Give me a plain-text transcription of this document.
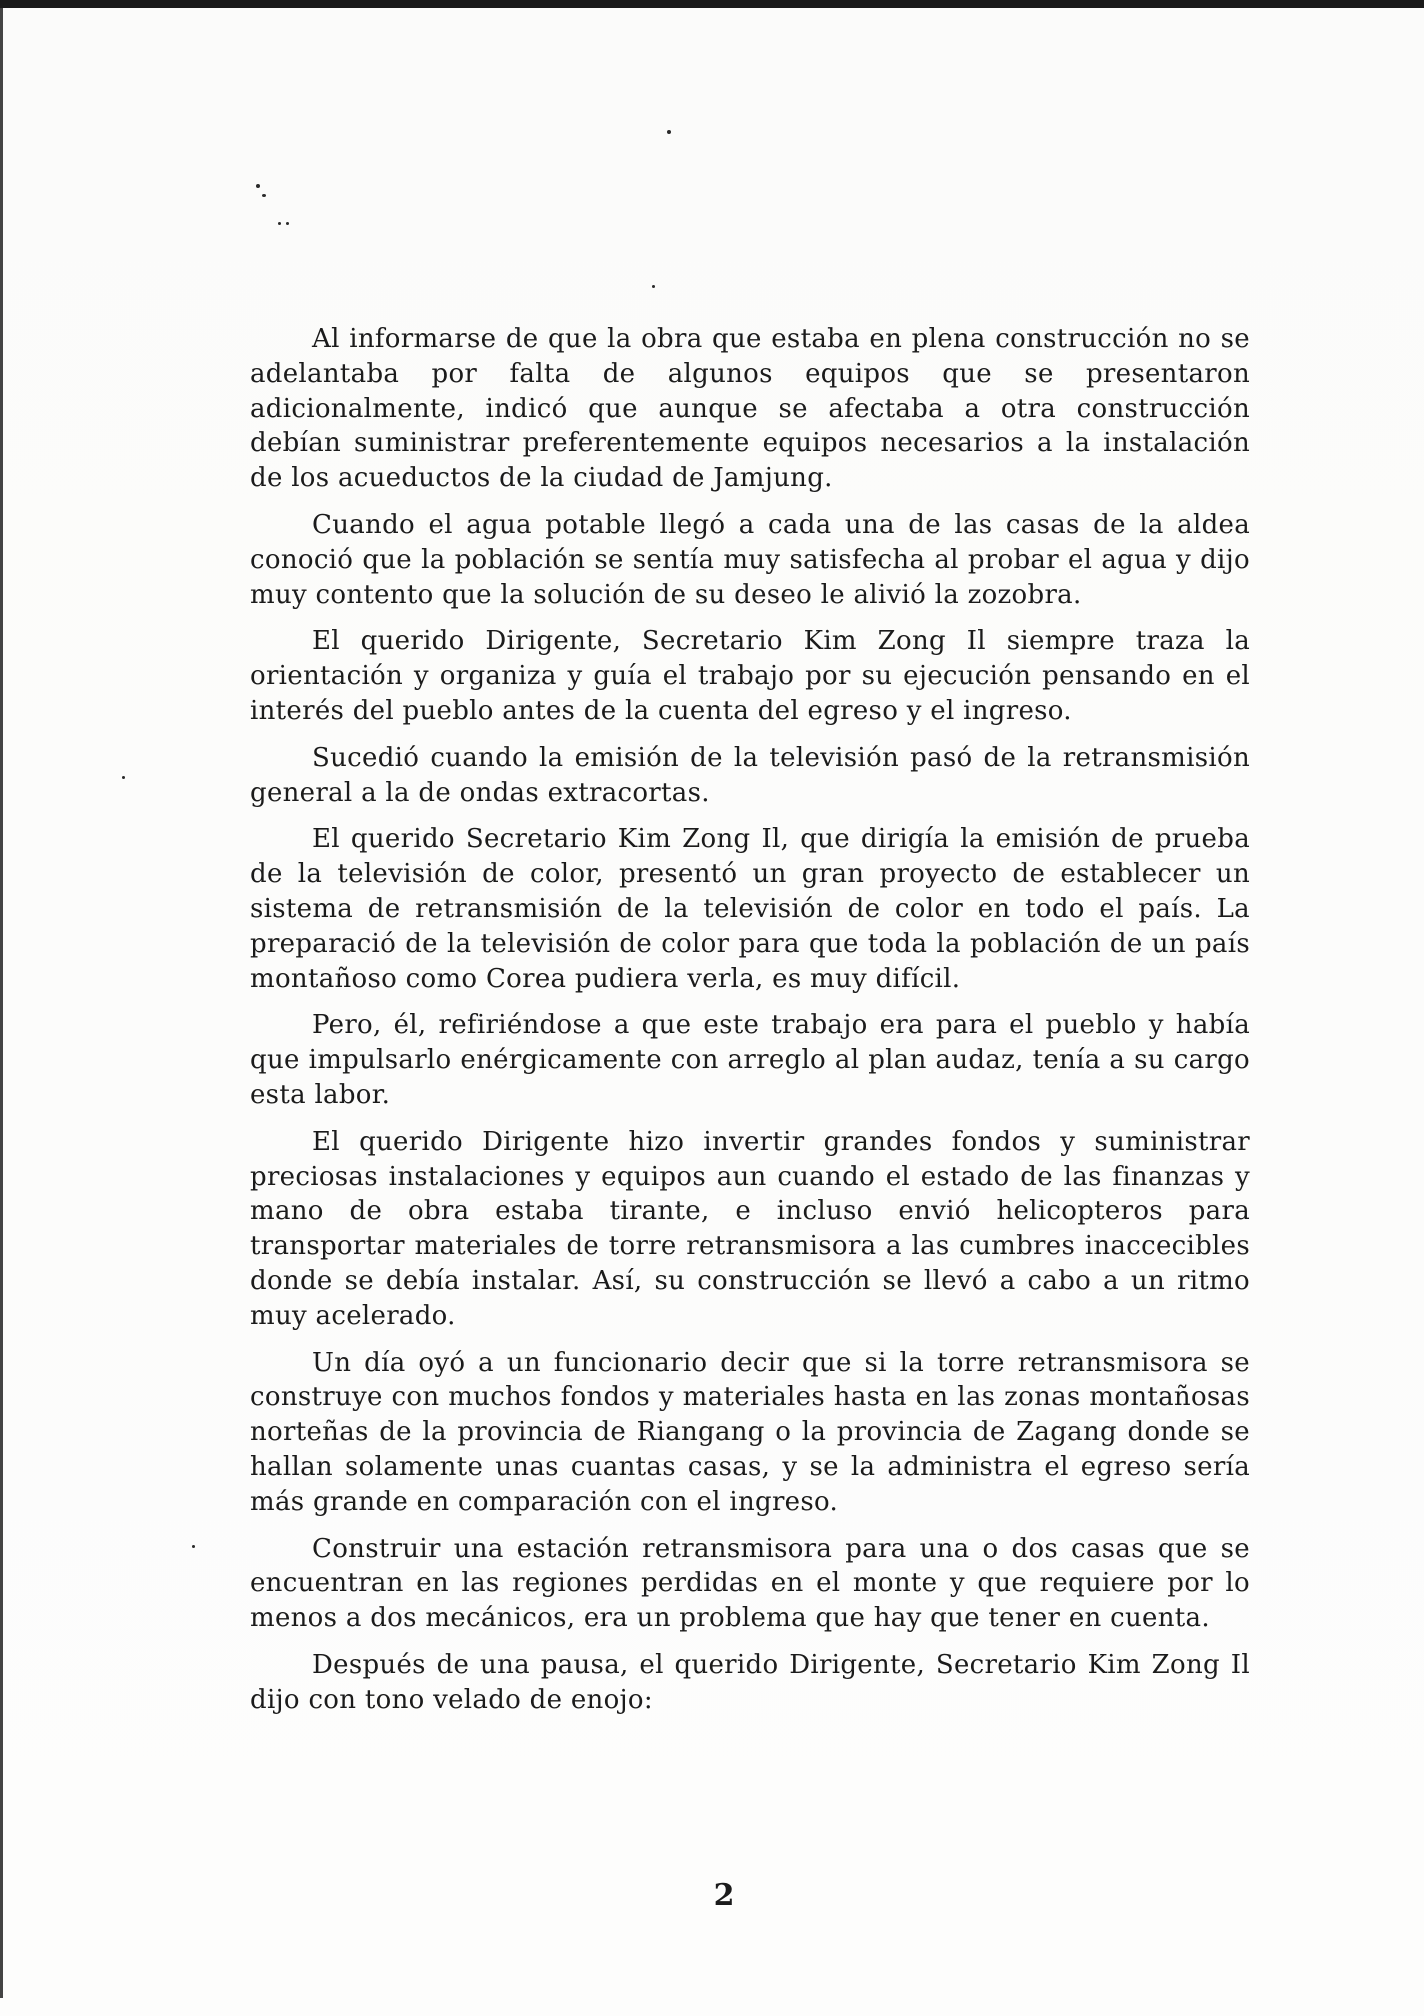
Al informarse de que la obra que estaba en plena construcción no se adelantaba por falta de algunos equipos que se presentaron adicionalmente, indicó que aunque se afectaba a otra construcción debían suministrar preferentemente equipos necesarios a la instalación de los acueductos de la ciudad de Jamjung.

Cuando el agua potable llegó a cada una de las casas de la aldea conoció que la población se sentía muy satisfecha al probar el agua y dijo muy contento que la solución de su deseo le alivió la zozobra.

El querido Dirigente, Secretario Kim Zong Il siempre traza la orientación y organiza y guía el trabajo por su ejecución pensando en el interés del pueblo antes de la cuenta del egreso y el ingreso.

Sucedió cuando la emisión de la televisión pasó de la retransmisión general a la de ondas extracortas.

El querido Secretario Kim Zong Il, que dirigía la emisión de prueba de la televisión de color, presentó un gran proyecto de establecer un sistema de retransmisión de la televisión de color en todo el país. La preparació de la televisión de color para que toda la población de un país montañoso como Corea pudiera verla, es muy difícil.

Pero, él, refiriéndose a que este trabajo era para el pueblo y había que impulsarlo enérgicamente con arreglo al plan audaz, tenía a su cargo esta labor.

El querido Dirigente hizo invertir grandes fondos y suministrar preciosas instalaciones y equipos aun cuando el estado de las finanzas y mano de obra estaba tirante, e incluso envió helicopteros para transportar materiales de torre retransmisora a las cumbres inaccecibles donde se debía instalar. Así, su construcción se llevó a cabo a un ritmo muy acelerado.

Un día oyó a un funcionario decir que si la torre retransmisora se construye con muchos fondos y materiales hasta en las zonas montañosas norteñas de la provincia de Riangang o la provincia de Zagang donde se hallan solamente unas cuantas casas, y se la administra el egreso sería más grande en comparación con el ingreso.

Construir una estación retransmisora para una o dos casas que se encuentran en las regiones perdidas en el monte y que requiere por lo menos a dos mecánicos, era un problema que hay que tener en cuenta.

Después de una pausa, el querido Dirigente, Secretario Kim Zong Il dijo con tono velado de enojo:

2
